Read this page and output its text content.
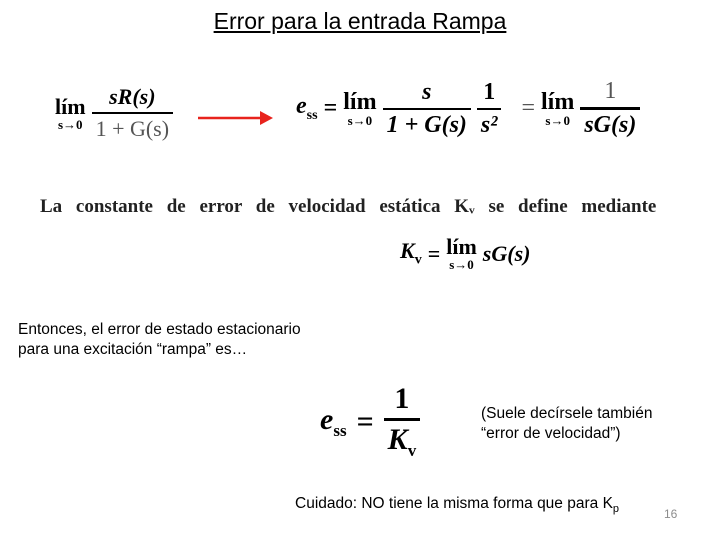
Error para la entrada Rampa
lím
$s\to 0 \frac{sR(s)}{1 + G(s)}$	$e_{ss}$ = lím
$s\to 0 \frac{s}{1 + G(s)} \frac{1}{\text{s²}}$ = lím
$s\to 0 \frac{1}{sG(s)}$
La constante de error de velocidad estática Kᵥ se define mediante
$K_v$ = lím
s→0 sG(s)
Entonces, el error de estado estacionario
para una excitación “rampa” es…
$e_{ss} = \frac{1}{K_v}$	(Suele decírsele también
“error de velocidad”)
Cuidado: NO tiene la misma forma que para $K_p$	16
